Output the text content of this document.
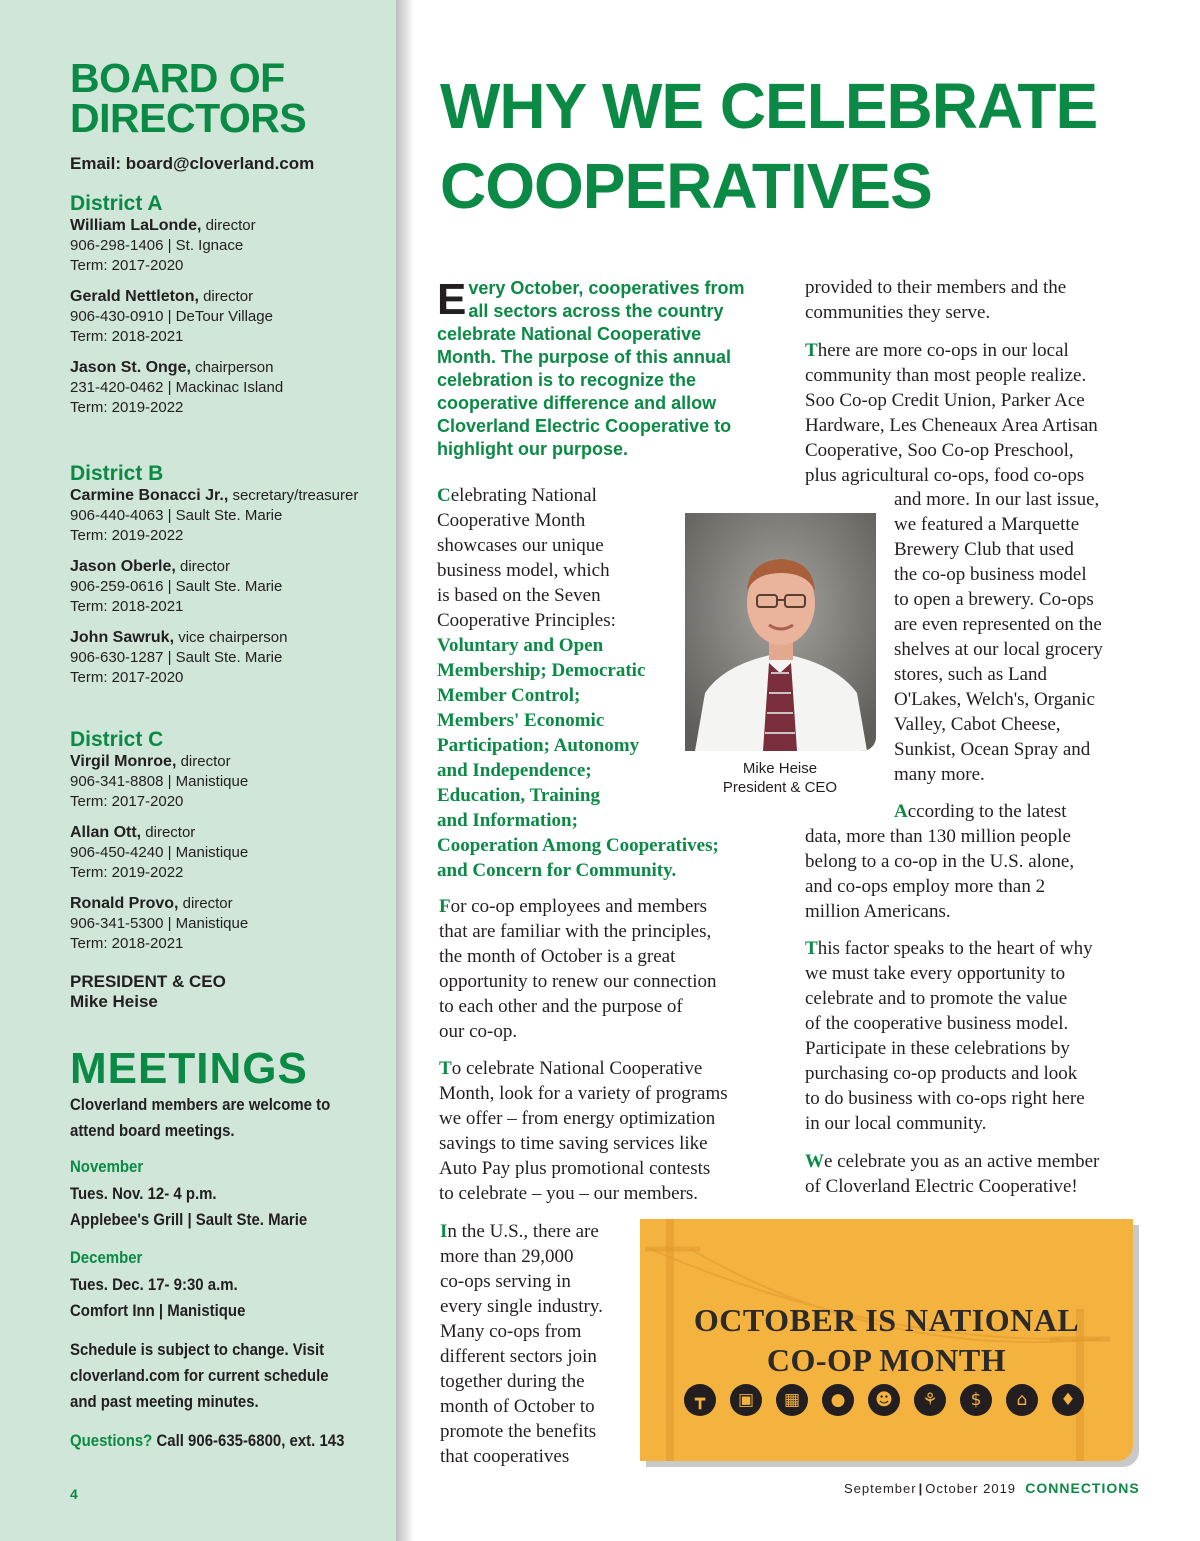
BOARD OF
DIRECTORS
Email: board@cloverland.com
District A
William LaLonde, director
906-298-1406 | St. Ignace
Term: 2017-2020
Gerald Nettleton, director
906-430-0910 | DeTour Village
Term: 2018-2021
Jason St. Onge, chairperson
231-420-0462 | Mackinac Island
Term: 2019-2022
District B
Carmine Bonacci Jr., secretary/treasurer
906-440-4063 | Sault Ste. Marie
Term: 2019-2022
Jason Oberle, director
906-259-0616 | Sault Ste. Marie
Term: 2018-2021
John Sawruk, vice chairperson
906-630-1287 | Sault Ste. Marie
Term: 2017-2020
District C
Virgil Monroe, director
906-341-8808 | Manistique
Term: 2017-2020
Allan Ott, director
906-450-4240 | Manistique
Term: 2019-2022
Ronald Provo, director
906-341-5300 | Manistique
Term: 2018-2021
PRESIDENT & CEO
Mike Heise
MEETINGS
Cloverland members are welcome to
attend board meetings.
November
Tues. Nov. 12- 4 p.m.
Applebee's Grill | Sault Ste. Marie
December
Tues. Dec. 17- 9:30 a.m.
Comfort Inn | Manistique
Schedule is subject to change. Visit
cloverland.com for current schedule
and past meeting minutes.
Questions? Call 906-635-6800, ext. 143
4
WHY WE CELEBRATE
COOPERATIVES
Every October, cooperatives from all sectors across the country celebrate National Cooperative Month. The purpose of this annual celebration is to recognize the cooperative difference and allow Cloverland Electric Cooperative to highlight our purpose.
Celebrating National
Cooperative Month
showcases our unique
business model, which
is based on the Seven
Cooperative Principles:
Voluntary and Open
Membership; Democratic
Member Control;
Members' Economic
Participation; Autonomy
and Independence;
Education, Training
and Information;
Cooperation Among Cooperatives;
and Concern for Community.
For co-op employees and members
that are familiar with the principles,
the month of October is a great
opportunity to renew our connection
to each other and the purpose of
our co-op.
To celebrate National Cooperative
Month, look for a variety of programs
we offer – from energy optimization
savings to time saving services like
Auto Pay plus promotional contests
to celebrate – you – our members.
In the U.S., there are
more than 29,000
co-ops serving in
every single industry.
Many co-ops from
different sectors join
together during the
month of October to
promote the benefits
that cooperatives
Mike Heise
President & CEO
provided to their members and the
communities they serve.
There are more co-ops in our local
community than most people realize.
Soo Co-op Credit Union, Parker Ace
Hardware, Les Cheneaux Area Artisan
Cooperative, Soo Co-op Preschool,
plus agricultural co-ops, food co-ops
and more. In our last issue,
we featured a Marquette
Brewery Club that used
the co-op business model
to open a brewery. Co-ops
are even represented on the
shelves at our local grocery
stores, such as Land
O'Lakes, Welch's, Organic
Valley, Cabot Cheese,
Sunkist, Ocean Spray and
many more.
According to the latest
data, more than 130 million people
belong to a co-op in the U.S. alone,
and co-ops employ more than 2
million Americans.
This factor speaks to the heart of why
we must take every opportunity to
celebrate and to promote the value
of the cooperative business model.
Participate in these celebrations by
purchasing co-op products and look
to do business with co-ops right here
in our local community.
We celebrate you as an active member
of Cloverland Electric Cooperative!
OCTOBER IS NATIONAL
CO-OP MONTH
┳	▣	▦	●	☻	⚘	$	⌂	♦
September | October 2019 CONNECTIONS
